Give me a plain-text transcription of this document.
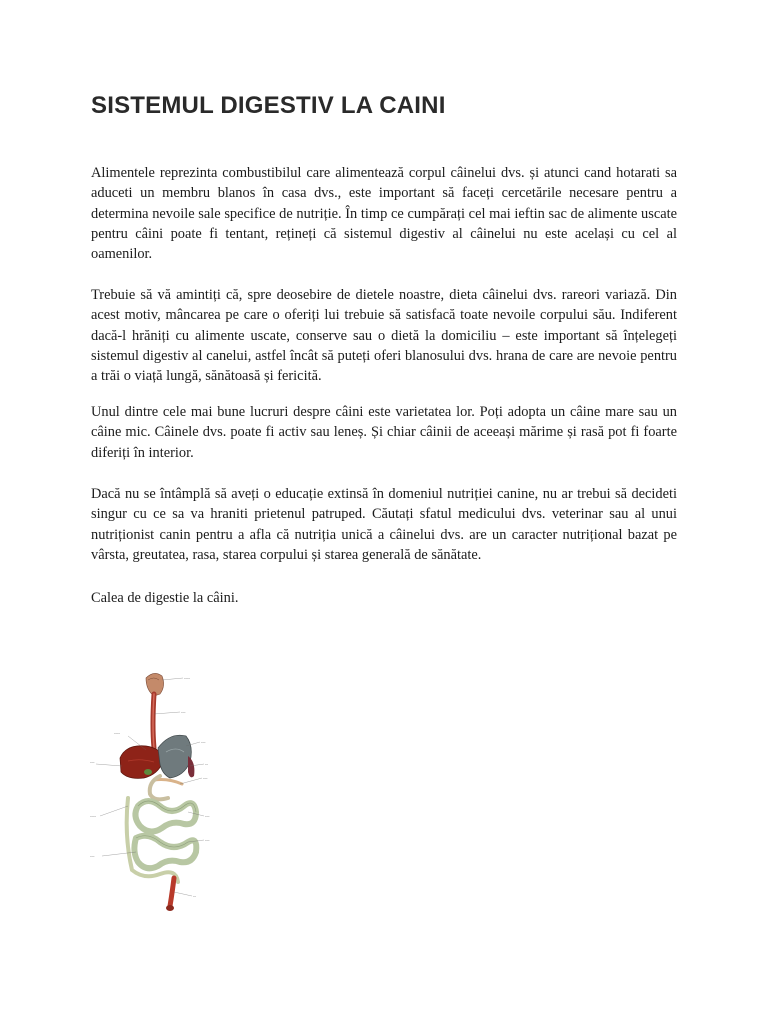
SISTEMUL DIGESTIV LA CAINI

Alimentele reprezinta combustibilul care alimentează corpul câinelui dvs. și atunci cand hotarati sa aduceti un membru blanos în casa dvs., este important să faceți cercetările necesare pentru a determina nevoile sale specifice de nutriție. În timp ce cumpărați cel mai ieftin sac de alimente uscate pentru câini poate fi tentant, rețineți că sistemul digestiv al câinelui nu este același cu cel al oamenilor.

Trebuie să vă amintiți că, spre deosebire de dietele noastre, dieta câinelui dvs. rareori variază. Din acest motiv, mâncarea pe care o oferiți lui trebuie să satisfacă toate nevoile corpului său. Indiferent dacă-l hrăniți cu alimente uscate, conserve sau o dietă la domiciliu – este important să înțelegeți sistemul digestiv al canelui, astfel încât să puteți oferi blanosului dvs. hrana de care are nevoie pentru a trăi o viață lungă, sănătoasă și fericită.

Unul dintre cele mai bune lucruri despre câini este varietatea lor. Poți adopta un câine mare sau un câine mic. Câinele dvs. poate fi activ sau leneș. Și chiar câinii de aceeași mărime și rasă pot fi foarte diferiți în interior.

Dacă nu se întâmplă să aveți o educație extinsă în domeniul nutriției canine, nu ar trebui să decideti singur cu ce sa va hraniti prietenul patruped. Căutați sfatul medicului dvs. veterinar sau al unui nutriționist canin pentru a afla că nutriția unică a câinelui dvs. are un caracter nutrițional bazat pe vârsta, greutatea, rasa, starea corpului și starea generală de sănătate.

Calea de digestie la câini.

~~~~
~~~
~~~~
~~~
~~~
~~
~~~
~~~~	~~~
~~~
~~~
~~
